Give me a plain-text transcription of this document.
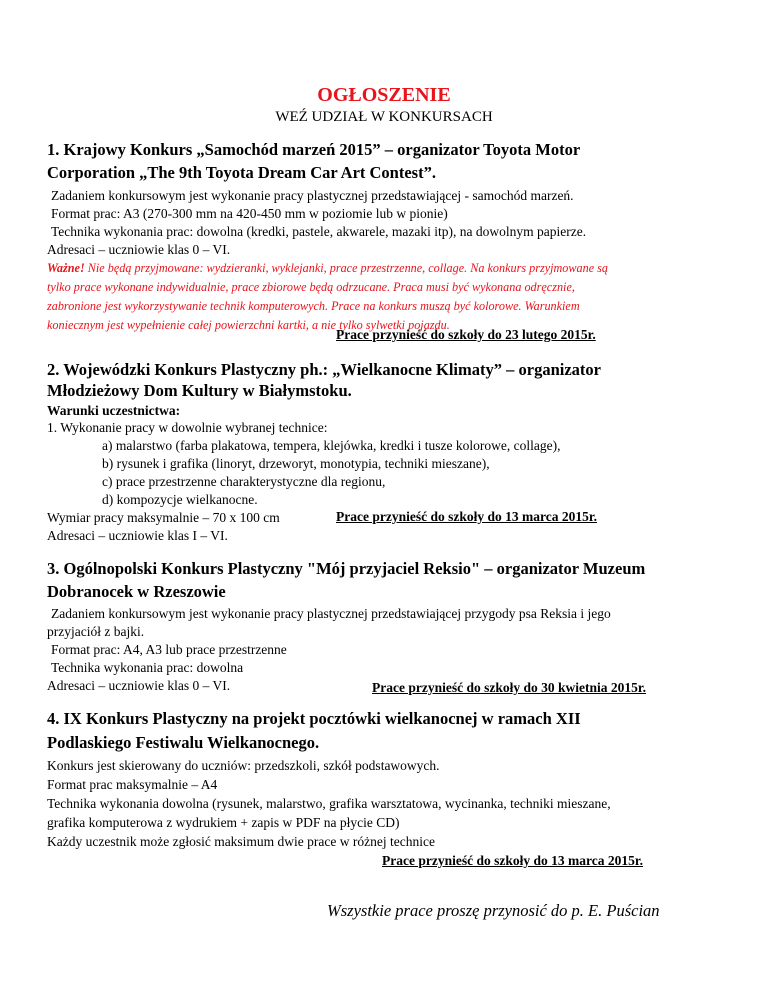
OGŁOSZENIE
WEŹ UDZIAŁ W KONKURSACH
1. Krajowy Konkurs „Samochód marzeń 2015” – organizator Toyota Motor
Corporation „The 9th Toyota Dream Car Art Contest”.
Zadaniem konkursowym jest wykonanie pracy plastycznej przedstawiającej - samochód marzeń.
Format prac: A3 (270-300 mm na 420-450 mm w poziomie lub w pionie)
Technika wykonania prac: dowolna (kredki, pastele, akwarele, mazaki itp), na dowolnym papierze.
Adresaci – uczniowie klas 0 – VI.
Ważne! Nie będą przyjmowane: wydzieranki, wyklejanki, prace przestrzenne, collage. Na konkurs przyjmowane są
tylko prace wykonane indywidualnie, prace zbiorowe będą odrzucane. Praca musi być wykonana odręcznie,
zabronione jest wykorzystywanie technik komputerowych. Prace na konkurs muszą być kolorowe. Warunkiem
koniecznym jest wypełnienie całej powierzchni kartki, a nie tylko sylwetki pojazdu.
Prace przynieść do szkoły do 23 lutego 2015r.
2. Wojewódzki Konkurs Plastyczny ph.: „Wielkanocne Klimaty” – organizator
Młodzieżowy Dom Kultury w Białymstoku.
Warunki uczestnictwa:
1. Wykonanie pracy w dowolnie wybranej technice:
a) malarstwo (farba plakatowa, tempera, klejówka, kredki i tusze kolorowe, collage),
b) rysunek i grafika (linoryt, drzeworyt, monotypia, techniki mieszane),
c) prace przestrzenne charakterystyczne dla regionu,
d) kompozycje wielkanocne.
Wymiar pracy maksymalnie – 70 x 100 cm	Prace przynieść do szkoły do 13 marca 2015r.
Adresaci – uczniowie klas I – VI.
3. Ogólnopolski Konkurs Plastyczny "Mój przyjaciel Reksio" – organizator Muzeum
Dobranocek w Rzeszowie
Zadaniem konkursowym jest wykonanie pracy plastycznej przedstawiającej przygody psa Reksia i jego
przyjaciół z bajki.
Format prac: A4, A3 lub prace przestrzenne
Technika wykonania prac: dowolna
Adresaci – uczniowie klas 0 – VI.	Prace przynieść do szkoły do 30 kwietnia 2015r.
4. IX Konkurs Plastyczny na projekt pocztówki wielkanocnej w ramach XII
Podlaskiego Festiwalu Wielkanocnego.
Konkurs jest skierowany do uczniów: przedszkoli, szkół podstawowych.
Format prac maksymalnie – A4
Technika wykonania dowolna (rysunek, malarstwo, grafika warsztatowa, wycinanka, techniki mieszane,
grafika komputerowa z wydrukiem + zapis w PDF na płycie CD)
Każdy uczestnik może zgłosić maksimum dwie prace w różnej technice
Prace przynieść do szkoły do 13 marca 2015r.
Wszystkie prace proszę przynosić do p. E. Puścian
